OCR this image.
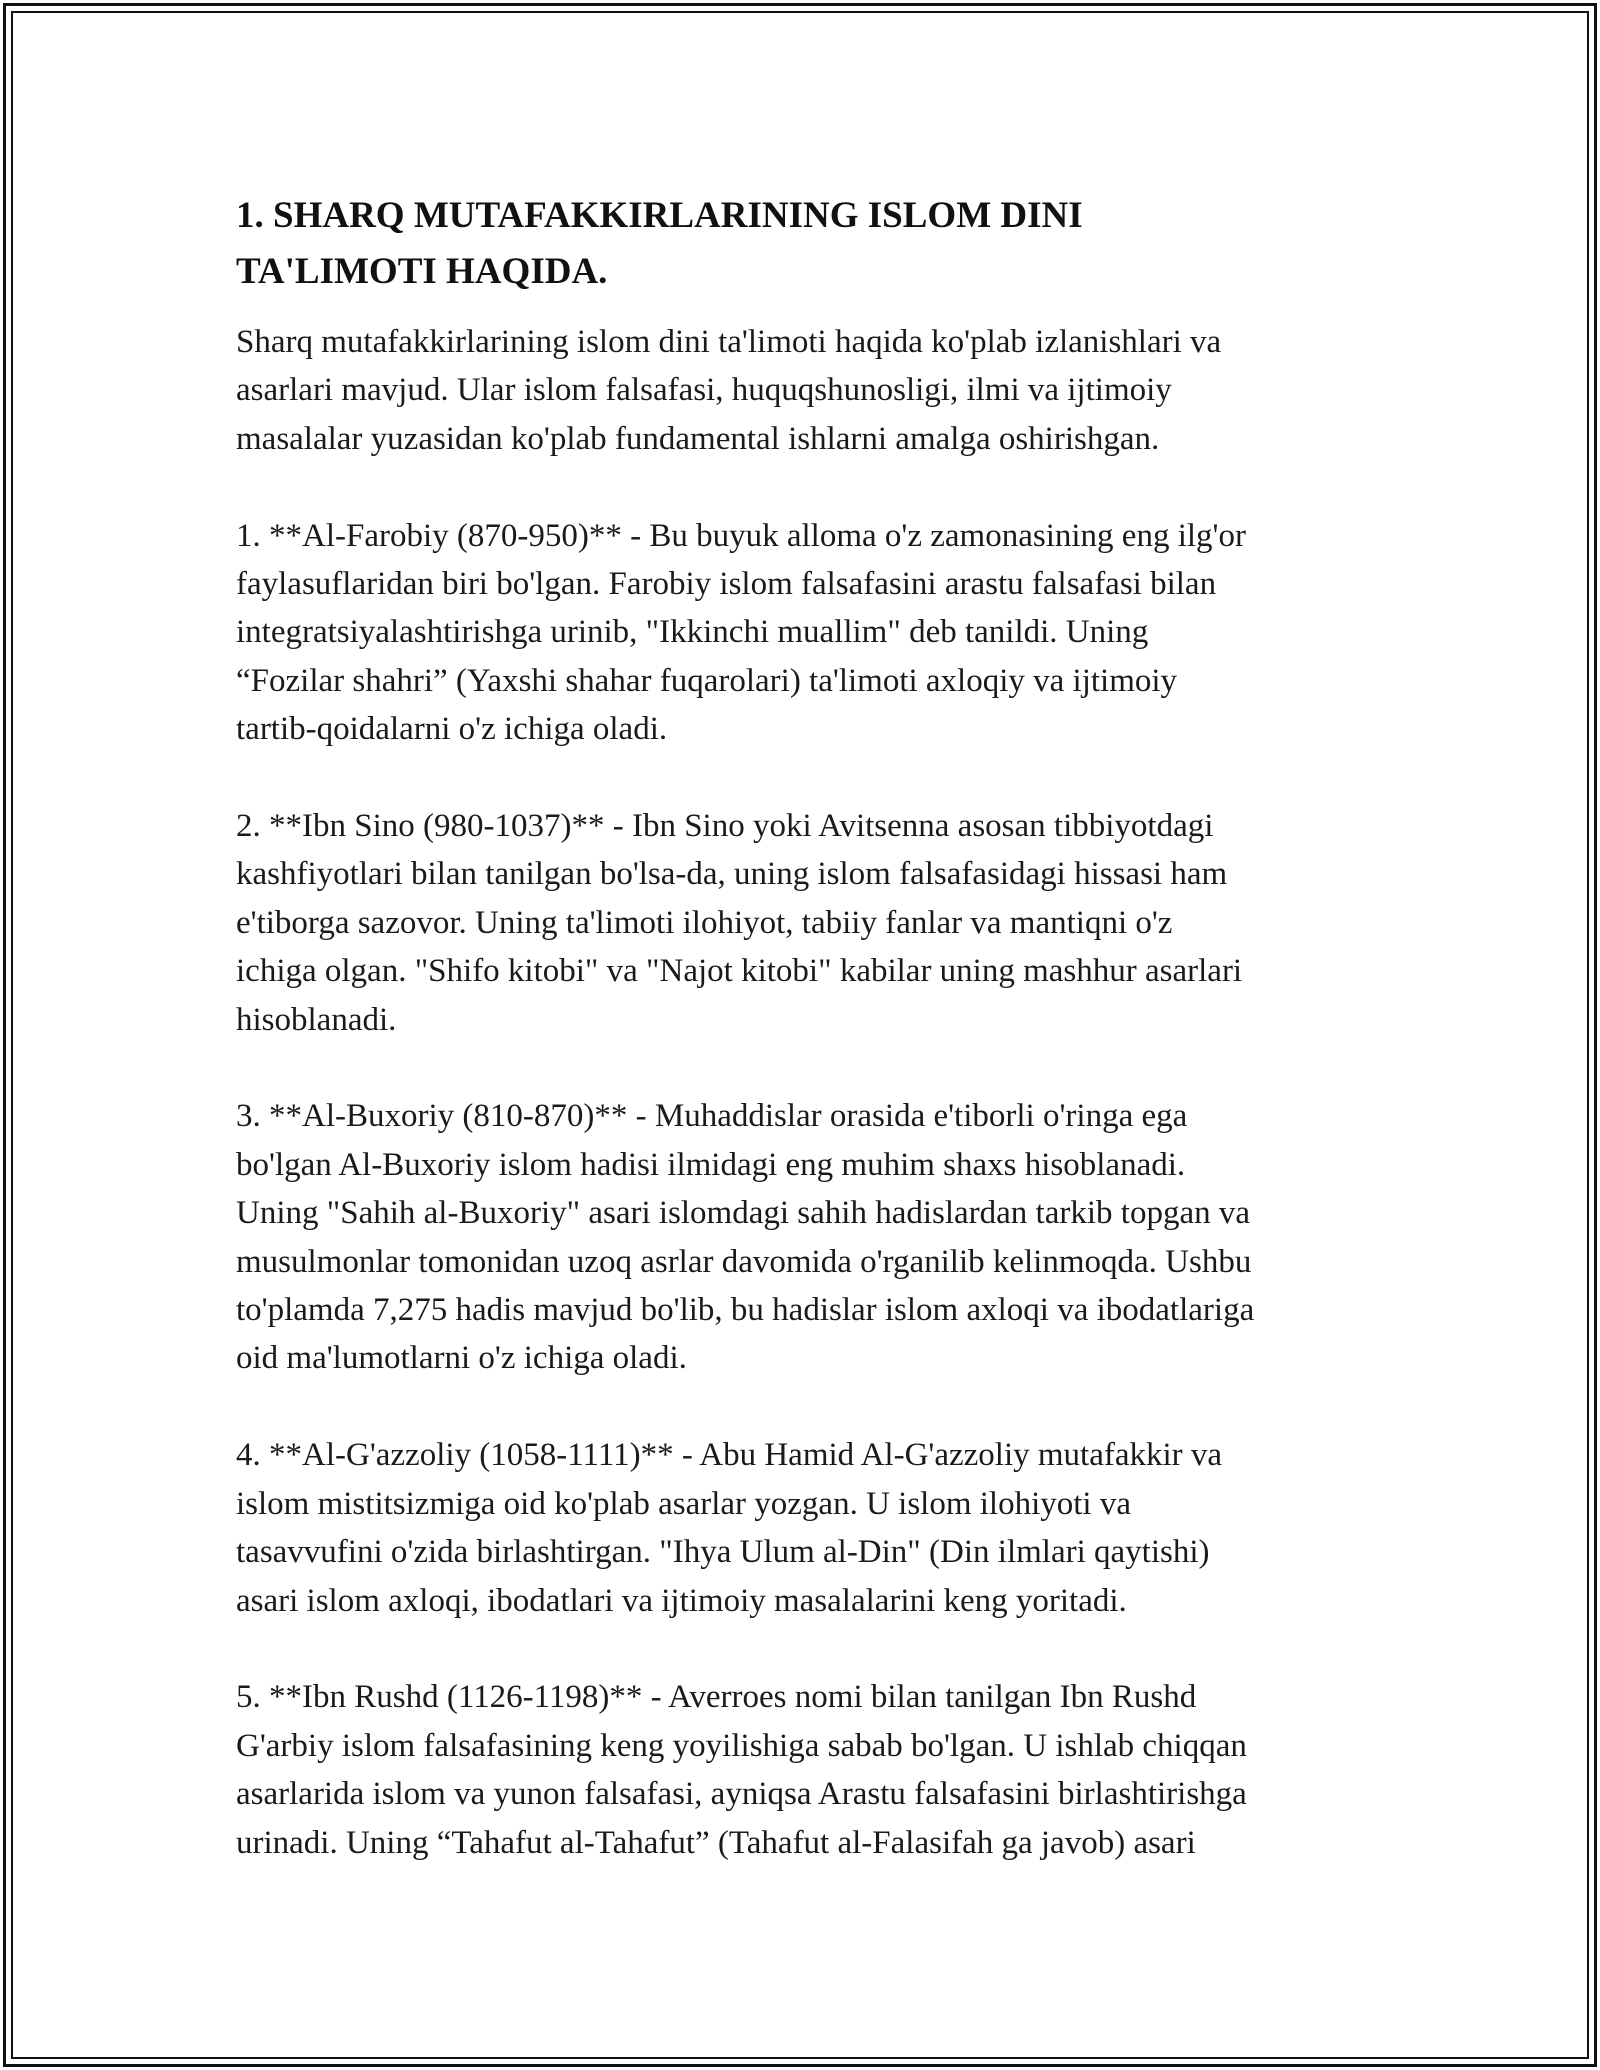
1. SHARQ MUTAFAKKIRLARINING ISLOM DINI
TA'LIMOTI HAQIDA.

Sharq mutafakkirlarining islom dini ta'limoti haqida ko'plab izlanishlari va
asarlari mavjud. Ular islom falsafasi, huquqshunosligi, ilmi va ijtimoiy
masalalar yuzasidan ko'plab fundamental ishlarni amalga oshirishgan.

1. **Al-Farobiy (870-950)** - Bu buyuk alloma o'z zamonasining eng ilg'or
faylasuflaridan biri bo'lgan. Farobiy islom falsafasini arastu falsafasi bilan
integratsiyalashtirishga urinib, "Ikkinchi muallim" deb tanildi. Uning
“Fozilar shahri” (Yaxshi shahar fuqarolari) ta'limoti axloqiy va ijtimoiy
tartib-qoidalarni o'z ichiga oladi.

2. **Ibn Sino (980-1037)** - Ibn Sino yoki Avitsenna asosan tibbiyotdagi
kashfiyotlari bilan tanilgan bo'lsa-da, uning islom falsafasidagi hissasi ham
e'tiborga sazovor. Uning ta'limoti ilohiyot, tabiiy fanlar va mantiqni o'z
ichiga olgan. "Shifo kitobi" va "Najot kitobi" kabilar uning mashhur asarlari
hisoblanadi.

3. **Al-Buxoriy (810-870)** - Muhaddislar orasida e'tiborli o'ringa ega
bo'lgan Al-Buxoriy islom hadisi ilmidagi eng muhim shaxs hisoblanadi.
Uning "Sahih al-Buxoriy" asari islomdagi sahih hadislardan tarkib topgan va
musulmonlar tomonidan uzoq asrlar davomida o'rganilib kelinmoqda. Ushbu
to'plamda 7,275 hadis mavjud bo'lib, bu hadislar islom axloqi va ibodatlariga
oid ma'lumotlarni o'z ichiga oladi.

4. **Al-G'azzoliy (1058-1111)** - Abu Hamid Al-G'azzoliy mutafakkir va
islom mistitsizmiga oid ko'plab asarlar yozgan. U islom ilohiyoti va
tasavvufini o'zida birlashtirgan. "Ihya Ulum al-Din" (Din ilmlari qaytishi)
asari islom axloqi, ibodatlari va ijtimoiy masalalarini keng yoritadi.

5. **Ibn Rushd (1126-1198)** - Averroes nomi bilan tanilgan Ibn Rushd
G'arbiy islom falsafasining keng yoyilishiga sabab bo'lgan. U ishlab chiqqan
asarlarida islom va yunon falsafasi, ayniqsa Arastu falsafasini birlashtirishga
urinadi. Uning “Tahafut al-Tahafut” (Tahafut al-Falasifah ga javob) asari
